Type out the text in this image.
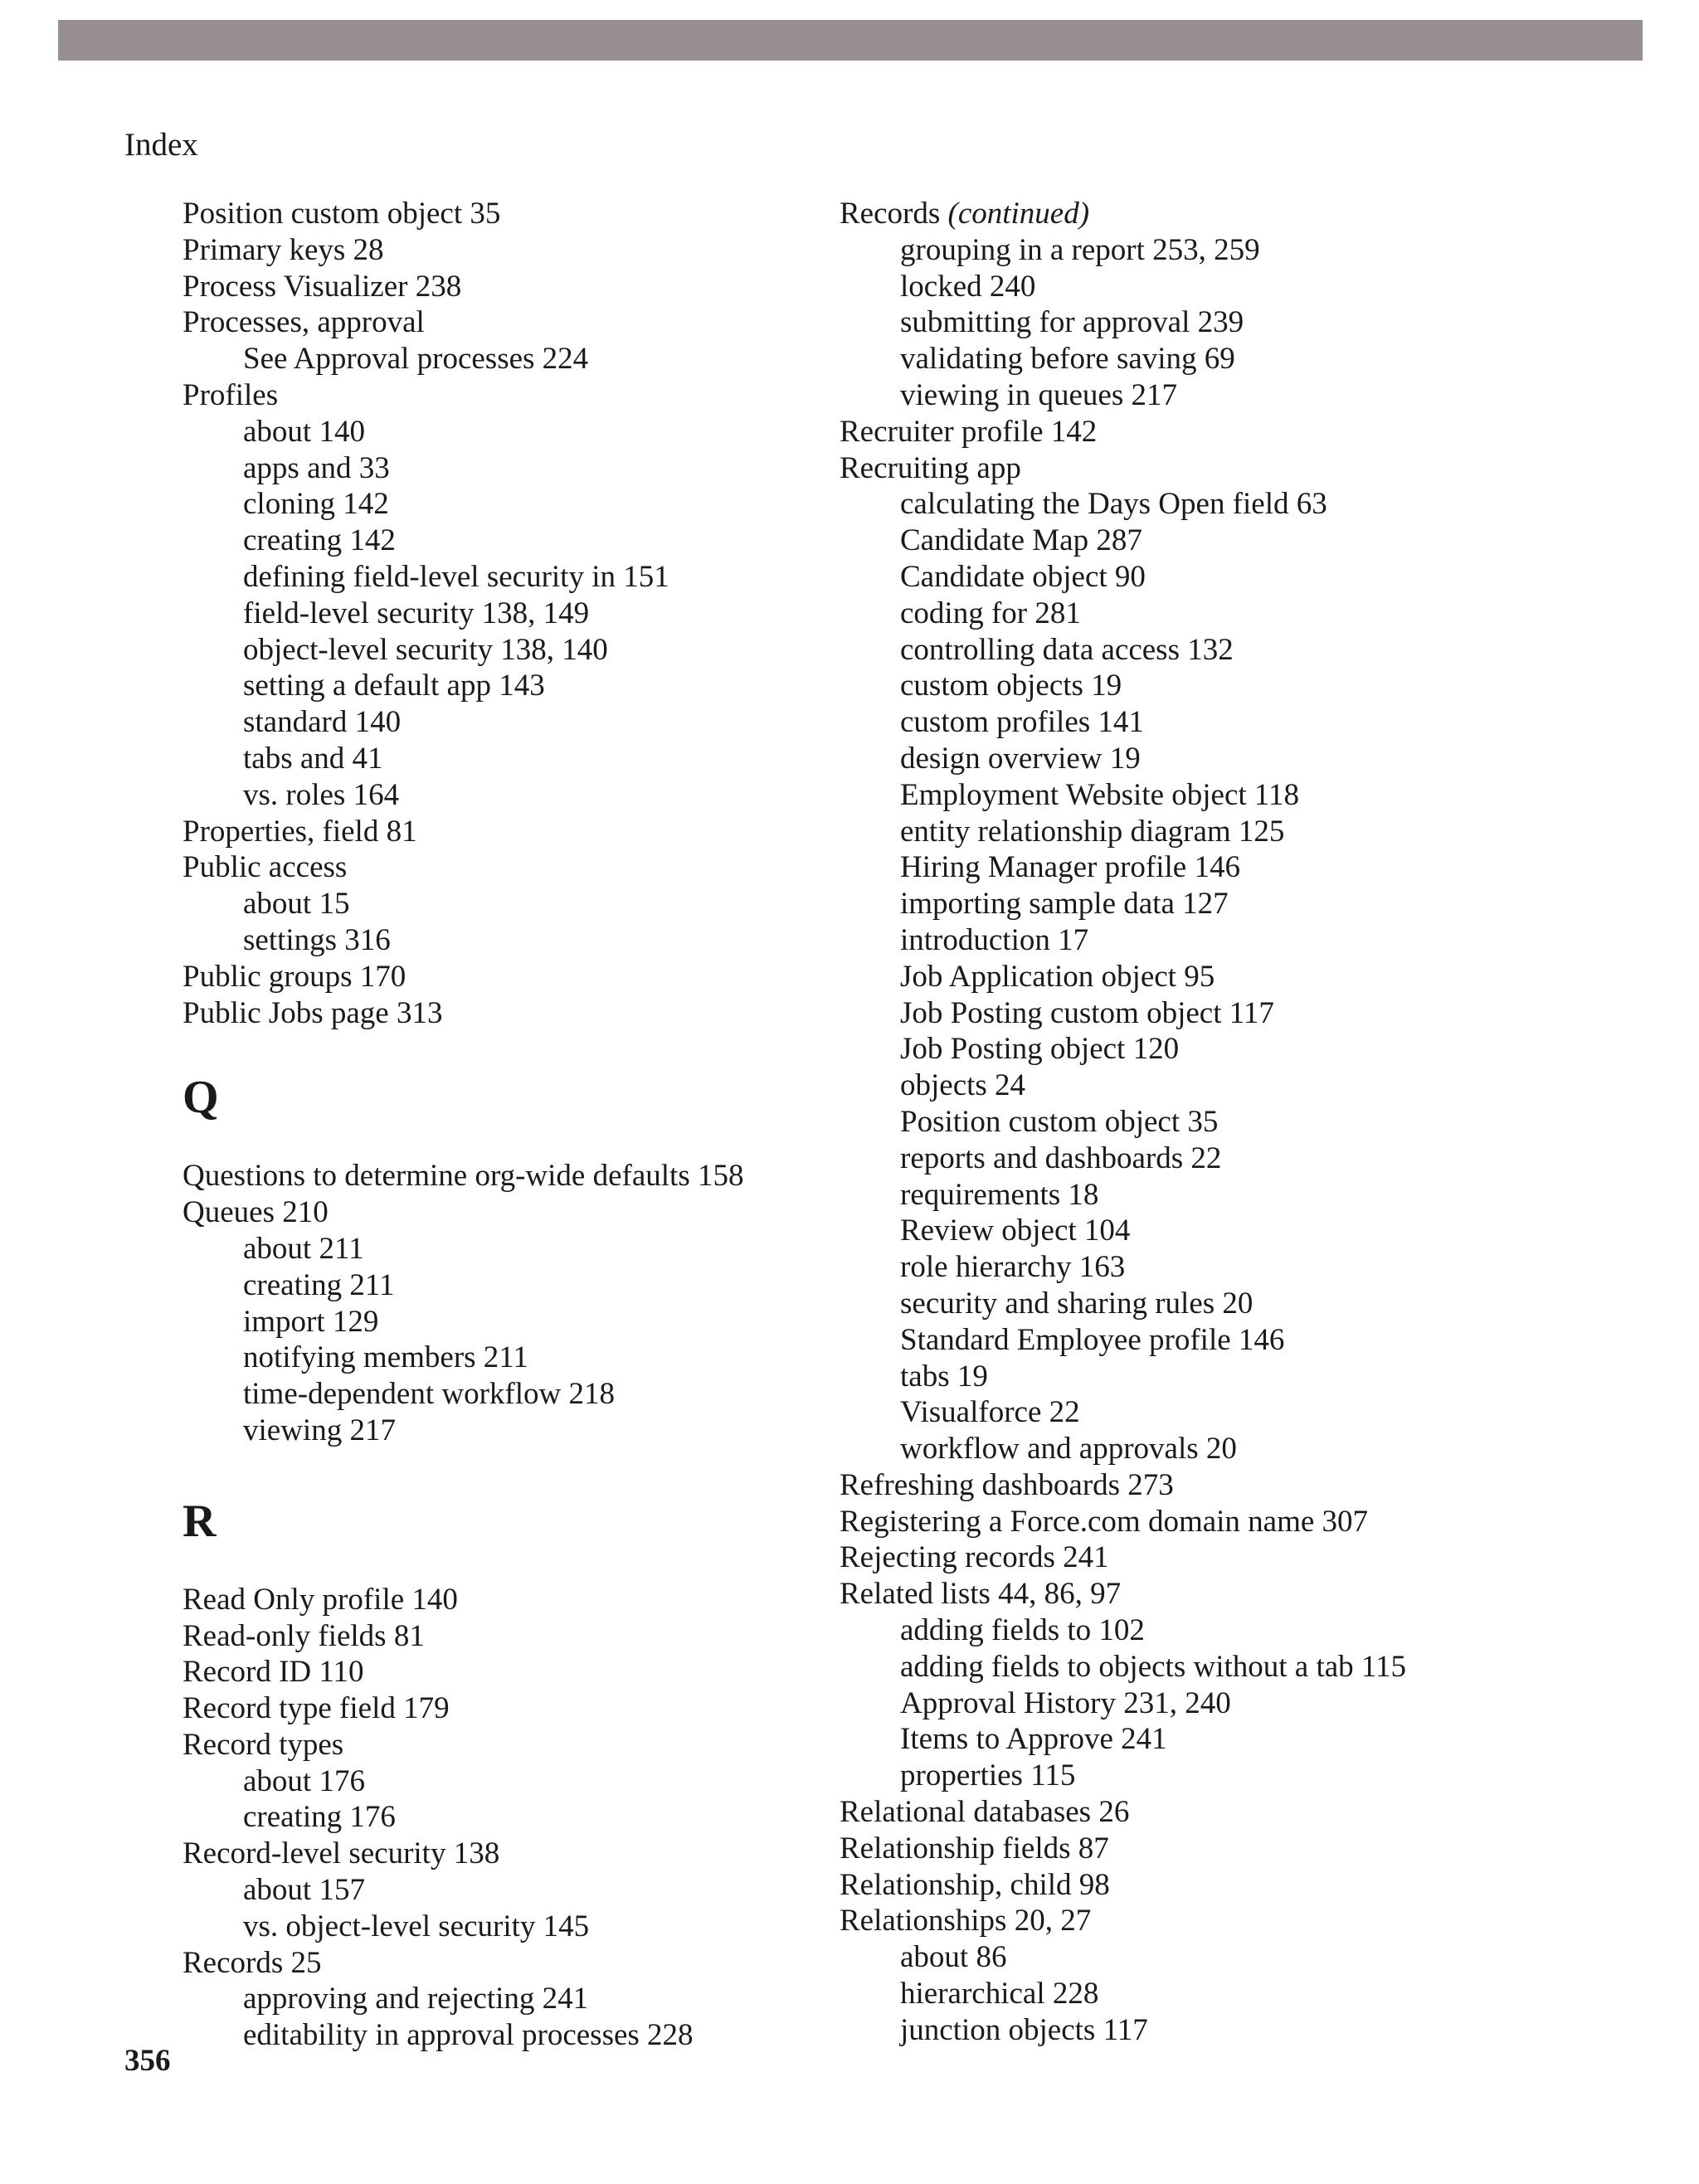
Index
Position custom object 35
Primary keys 28
Process Visualizer 238
Processes, approval
See Approval processes 224
Profiles
about 140
apps and 33
cloning 142
creating 142
defining field-level security in 151
field-level security 138, 149
object-level security 138, 140
setting a default app 143
standard 140
tabs and 41
vs. roles 164
Properties, field 81
Public access
about 15
settings 316
Public groups 170
Public Jobs page 313
Q
Questions to determine org-wide defaults 158
Queues 210
about 211
creating 211
import 129
notifying members 211
time-dependent workflow 218
viewing 217
R
Read Only profile 140
Read-only fields 81
Record ID 110
Record type field 179
Record types
about 176
creating 176
Record-level security 138
about 157
vs. object-level security 145
Records 25
approving and rejecting 241
editability in approval processes 228
Records (continued)
grouping in a report 253, 259
locked 240
submitting for approval 239
validating before saving 69
viewing in queues 217
Recruiter profile 142
Recruiting app
calculating the Days Open field 63
Candidate Map 287
Candidate object 90
coding for 281
controlling data access 132
custom objects 19
custom profiles 141
design overview 19
Employment Website object 118
entity relationship diagram 125
Hiring Manager profile 146
importing sample data 127
introduction 17
Job Application object 95
Job Posting custom object 117
Job Posting object 120
objects 24
Position custom object 35
reports and dashboards 22
requirements 18
Review object 104
role hierarchy 163
security and sharing rules 20
Standard Employee profile 146
tabs 19
Visualforce 22
workflow and approvals 20
Refreshing dashboards 273
Registering a Force.com domain name 307
Rejecting records 241
Related lists 44, 86, 97
adding fields to 102
adding fields to objects without a tab 115
Approval History 231, 240
Items to Approve 241
properties 115
Relational databases 26
Relationship fields 87
Relationship, child 98
Relationships 20, 27
about 86
hierarchical 228
junction objects 117
356
